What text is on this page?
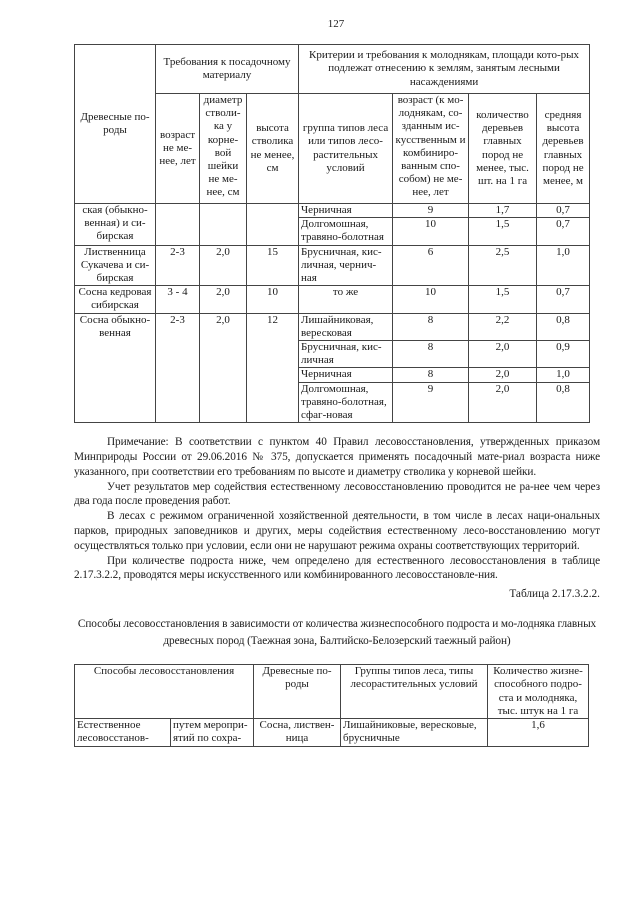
127
Древесные по-роды	Требования к посадочному материалу			Критерии и требования к молоднякам, площади кото-рых подлежат отнесению к землям, занятым лесными насаждениями			
	возраст не ме-нее, лет	диаметр стволи-ка у корне-вой шейки не ме-нее, см	высота стволика не менее, см	группа типов леса или типов лесо-растительных условий	возраст (к мо-лоднякам, со-зданным ис-кусственным и комбиниро-ванным спо-собом) не ме-нее, лет	количество деревьев главных пород не менее, тыс. шт. на 1 га	средняя высота деревьев главных пород не менее, м
ская (обыкно-венная) и си-бирская				Черничная	9	1,7	0,7
				Долгомошная, травяно-болотная	10	1,5	0,7
Лиственница Сукачева и си-бирская	2-3	2,0	15	Брусничная, кис-личная, чернич-ная	6	2,5	1,0
Сосна кедровая сибирская	3 - 4	2,0	10	то же	10	1,5	0,7
Сосна обыкно-венная	2-3	2,0	12	Лишайниковая, вересковая	8	2,2	0,8
				Брусничная, кис-личная	8	2,0	0,9
				Черничная	8	2,0	1,0
				Долгомошная, травяно-болотная, сфаг-новая	9	2,0	0,8

Примечание: В соответствии с пунктом 40 Правил лесовосстановления, утвержденных приказом Минприроды России от 29.06.2016 № 375, допускается применять посадочный мате-риал возраста ниже указанного, при соответствии его требованиям по высоте и диаметру стволика у корневой шейки.

Учет результатов мер содействия естественному лесовосстановлению проводится не ра-нее чем через два года после проведения работ.

В лесах с режимом ограниченной хозяйственной деятельности, в том числе в лесах наци-ональных парков, природных заповедников и других, меры содействия естественному лесо-восстановлению могут осуществляться только при условии, если они не нарушают режима охраны соответствующих территорий.

При количестве подроста ниже, чем определено для естественного лесовосстановления в таблице 2.17.3.2.2, проводятся меры искусственного или комбинированного лесовосстановле-ния.

Таблица 2.17.3.2.2.
Способы лесовосстановления в зависимости от количества жизнеспособного подроста и мо-лодняка главных древесных пород (Таежная зона, Балтийско-Белозерский таежный район)
Способы лесовосстановления		Древесные по-роды	Группы типов леса, типы лесорастительных условий	Количество жизне-способного подро-ста и молодняка, тыс. штук на 1 га
Естественное лесовосстанов-	путем меропри-ятий по сохра-	Сосна, листвен-ница	Лишайниковые, вересковые, брусничные	1,6
